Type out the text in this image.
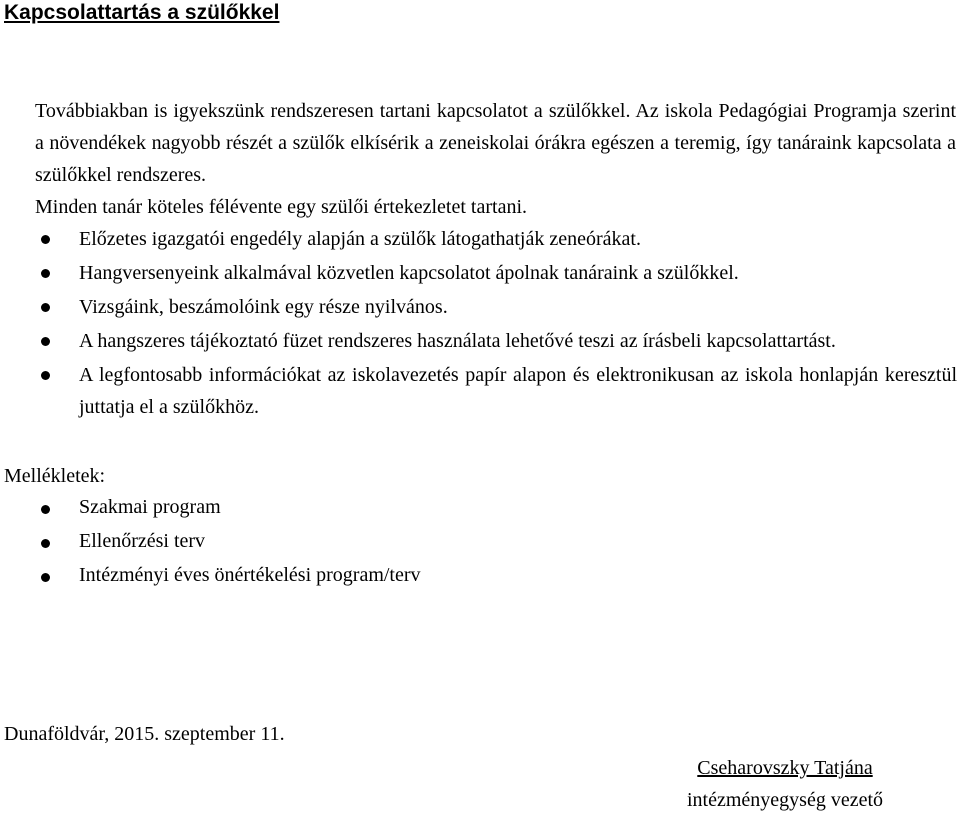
Kapcsolattartás a szülőkkel
Továbbiakban is igyekszünk rendszeresen tartani kapcsolatot a szülőkkel. Az iskola Pedagógiai Programja szerint a növendékek nagyobb részét a szülők elkísérik a zeneiskolai órákra egészen a teremig, így tanáraink kapcsolata a szülőkkel rendszeres.
Minden tanár köteles félévente egy szülői értekezletet tartani.
Előzetes igazgatói engedély alapján a szülők látogathatják zeneórákat.
Hangversenyeink alkalmával közvetlen kapcsolatot ápolnak tanáraink a szülőkkel.
Vizsgáink, beszámolóink egy része nyilvános.
A hangszeres tájékoztató füzet rendszeres használata lehetővé teszi az írásbeli kapcsolattartást.
A legfontosabb információkat az iskolavezetés papír alapon és elektronikusan az iskola honlapján keresztül juttatja el a szülőkhöz.
Mellékletek:
Szakmai program
Ellenőrzési terv
Intézményi éves önértékelési program/terv
Dunaföldvár, 2015. szeptember 11.
Cseharovszky Tatjána
intézményegység vezető
